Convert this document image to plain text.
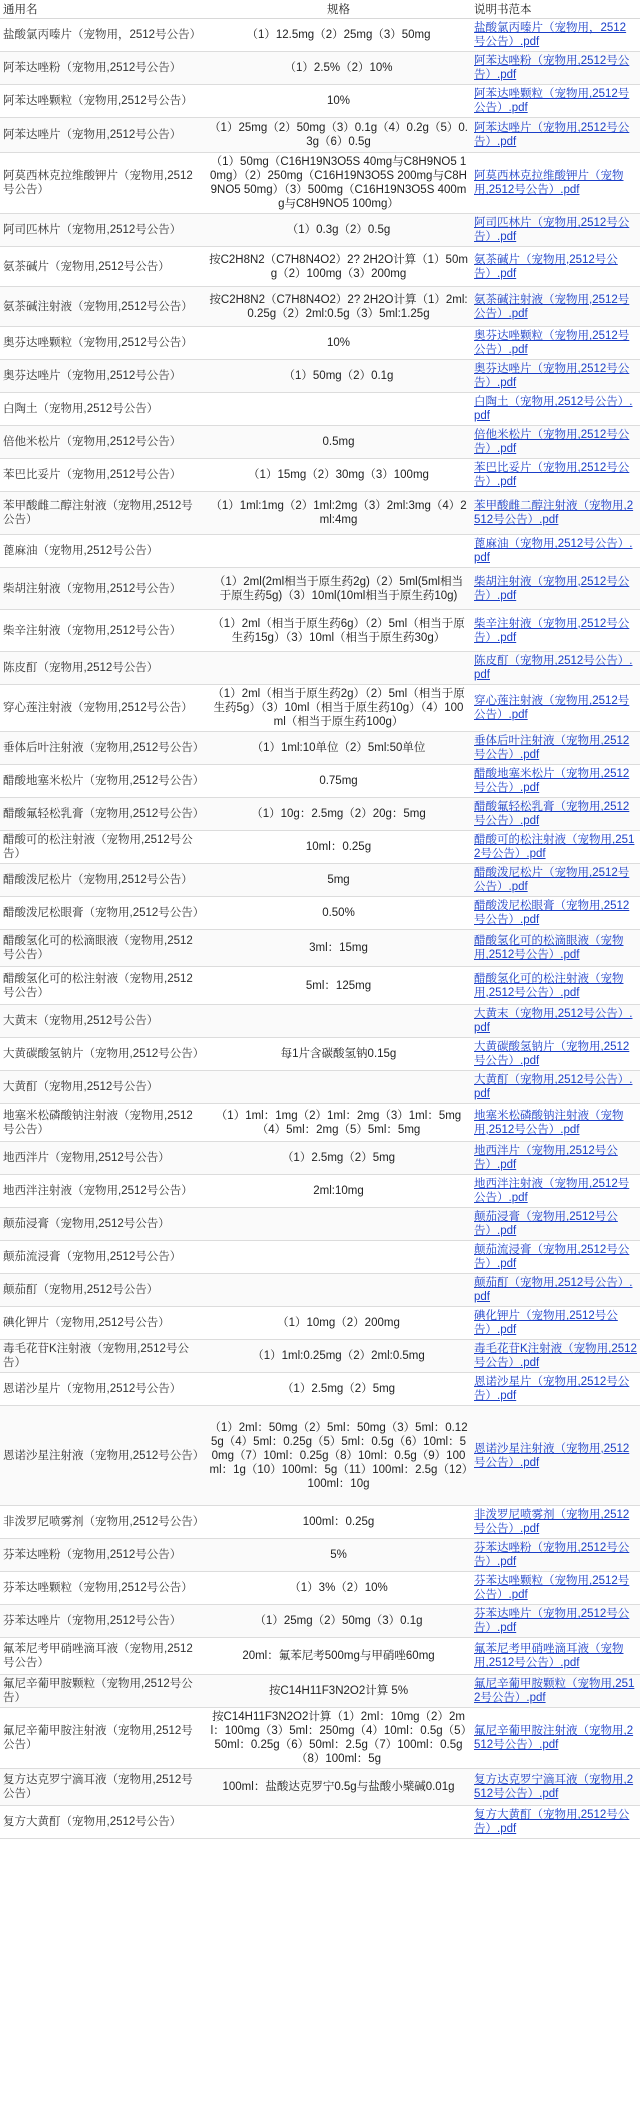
通用名	规格	说明书范本
盐酸氯丙嗪片（宠物用，2512号公告）	（1）12.5mg（2）25mg（3）50mg	盐酸氯丙嗪片（宠物用，2512号公告）.pdf
阿苯达唑粉（宠物用,2512号公告）	（1）2.5%（2）10%	阿苯达唑粉（宠物用,2512号公告）.pdf
阿苯达唑颗粒（宠物用,2512号公告）	10%	阿苯达唑颗粒（宠物用,2512号公告）.pdf
阿苯达唑片（宠物用,2512号公告）	（1）25mg（2）50mg（3）0.1g（4）0.2g（5）0.3g（6）0.5g	阿苯达唑片（宠物用,2512号公告）.pdf
阿莫西林克拉维酸钾片（宠物用,2512号公告）	（1）50mg（C16H19N3O5S 40mg与C8H9NO5 10mg）（2）250mg（C16H19N3O5S 200mg与C8H9NO5 50mg）（3）500mg（C16H19N3O5S 400mg与C8H9NO5 100mg）	阿莫西林克拉维酸钾片（宠物用,2512号公告）.pdf
阿司匹林片（宠物用,2512号公告）	（1）0.3g（2）0.5g	阿司匹林片（宠物用,2512号公告）.pdf
氨茶碱片（宠物用,2512号公告）	按C2H8N2（C7H8N4O2）2? 2H2O计算（1）50mg（2）100mg（3）200mg	氨茶碱片（宠物用,2512号公告）.pdf
氨茶碱注射液（宠物用,2512号公告）	按C2H8N2（C7H8N4O2）2? 2H2O计算（1）2ml:0.25g（2）2ml:0.5g（3）5ml:1.25g	氨茶碱注射液（宠物用,2512号公告）.pdf
奥芬达唑颗粒（宠物用,2512号公告）	10%	奥芬达唑颗粒（宠物用,2512号公告）.pdf
奥芬达唑片（宠物用,2512号公告）	（1）50mg（2）0.1g	奥芬达唑片（宠物用,2512号公告）.pdf
白陶土（宠物用,2512号公告）		白陶土（宠物用,2512号公告）.pdf
倍他米松片（宠物用,2512号公告）	0.5mg	倍他米松片（宠物用,2512号公告）.pdf
苯巴比妥片（宠物用,2512号公告）	（1）15mg（2）30mg（3）100mg	苯巴比妥片（宠物用,2512号公告）.pdf
苯甲酸雌二醇注射液（宠物用,2512号公告）	（1）1ml:1mg（2）1ml:2mg（3）2ml:3mg（4）2ml:4mg	苯甲酸雌二醇注射液（宠物用,2512号公告）.pdf
蓖麻油（宠物用,2512号公告）		蓖麻油（宠物用,2512号公告）.pdf
柴胡注射液（宠物用,2512号公告）	（1）2ml(2ml相当于原生药2g)（2）5ml(5ml相当于原生药5g)（3）10ml(10ml相当于原生药10g)	柴胡注射液（宠物用,2512号公告）.pdf
柴辛注射液（宠物用,2512号公告）	（1）2ml（相当于原生药6g）（2）5ml（相当于原生药15g）（3）10ml（相当于原生药30g）	柴辛注射液（宠物用,2512号公告）.pdf
陈皮酊（宠物用,2512号公告）		陈皮酊（宠物用,2512号公告）.pdf
穿心莲注射液（宠物用,2512号公告）	（1）2ml（相当于原生药2g）（2）5ml（相当于原生药5g）（3）10ml（相当于原生药10g）（4）100ml（相当于原生药100g）	穿心莲注射液（宠物用,2512号公告）.pdf
垂体后叶注射液（宠物用,2512号公告）	（1）1ml:10单位（2）5ml:50单位	垂体后叶注射液（宠物用,2512号公告）.pdf
醋酸地塞米松片（宠物用,2512号公告）	0.75mg	醋酸地塞米松片（宠物用,2512号公告）.pdf
醋酸氟轻松乳膏（宠物用,2512号公告）	（1）10g：2.5mg（2）20g：5mg	醋酸氟轻松乳膏（宠物用,2512号公告）.pdf
醋酸可的松注射液（宠物用,2512号公告）	10ml：0.25g	醋酸可的松注射液（宠物用,2512号公告）.pdf
醋酸泼尼松片（宠物用,2512号公告）	5mg	醋酸泼尼松片（宠物用,2512号公告）.pdf
醋酸泼尼松眼膏（宠物用,2512号公告）	0.50%	醋酸泼尼松眼膏（宠物用,2512号公告）.pdf
醋酸氢化可的松滴眼液（宠物用,2512号公告）	3ml：15mg	醋酸氢化可的松滴眼液（宠物用,2512号公告）.pdf
醋酸氢化可的松注射液（宠物用,2512号公告）	5ml：125mg	醋酸氢化可的松注射液（宠物用,2512号公告）.pdf
大黄末（宠物用,2512号公告）		大黄末（宠物用,2512号公告）.pdf
大黄碳酸氢钠片（宠物用,2512号公告）	每1片含碳酸氢钠0.15g	大黄碳酸氢钠片（宠物用,2512号公告）.pdf
大黄酊（宠物用,2512号公告）		大黄酊（宠物用,2512号公告）.pdf
地塞米松磷酸钠注射液（宠物用,2512号公告）	（1）1ml：1mg（2）1ml：2mg（3）1ml：5mg（4）5ml：2mg（5）5ml：5mg	地塞米松磷酸钠注射液（宠物用,2512号公告）.pdf
地西泮片（宠物用,2512号公告）	（1）2.5mg（2）5mg	地西泮片（宠物用,2512号公告）.pdf
地西泮注射液（宠物用,2512号公告）	2ml:10mg	地西泮注射液（宠物用,2512号公告）.pdf
颠茄浸膏（宠物用,2512号公告）		颠茄浸膏（宠物用,2512号公告）.pdf
颠茄流浸膏（宠物用,2512号公告）		颠茄流浸膏（宠物用,2512号公告）.pdf
颠茄酊（宠物用,2512号公告）		颠茄酊（宠物用,2512号公告）.pdf
碘化钾片（宠物用,2512号公告）	（1）10mg（2）200mg	碘化钾片（宠物用,2512号公告）.pdf
毒毛花苷K注射液（宠物用,2512号公告）	（1）1ml:0.25mg（2）2ml:0.5mg	毒毛花苷K注射液（宠物用,2512号公告）.pdf
恩诺沙星片（宠物用,2512号公告）	（1）2.5mg（2）5mg	恩诺沙星片（宠物用,2512号公告）.pdf
恩诺沙星注射液（宠物用,2512号公告）	（1）2ml：50mg（2）5ml：50mg（3）5ml：0.125g（4）5ml：0.25g（5）5ml：0.5g（6）10ml：50mg（7）10ml：0.25g（8）10ml：0.5g（9）100ml：1g（10）100ml：5g（11）100ml：2.5g（12）100ml：10g	恩诺沙星注射液（宠物用,2512号公告）.pdf
非泼罗尼喷雾剂（宠物用,2512号公告）	100ml：0.25g	非泼罗尼喷雾剂（宠物用,2512号公告）.pdf
芬苯达唑粉（宠物用,2512号公告）	5%	芬苯达唑粉（宠物用,2512号公告）.pdf
芬苯达唑颗粒（宠物用,2512号公告）	（1）3%（2）10%	芬苯达唑颗粒（宠物用,2512号公告）.pdf
芬苯达唑片（宠物用,2512号公告）	（1）25mg（2）50mg（3）0.1g	芬苯达唑片（宠物用,2512号公告）.pdf
氟苯尼考甲硝唑滴耳液（宠物用,2512号公告）	20ml：氟苯尼考500mg与甲硝唑60mg	氟苯尼考甲硝唑滴耳液（宠物用,2512号公告）.pdf
氟尼辛葡甲胺颗粒（宠物用,2512号公告）	按C14H11F3N2O2计算 5%	氟尼辛葡甲胺颗粒（宠物用,2512号公告）.pdf
氟尼辛葡甲胺注射液（宠物用,2512号公告）	按C14H11F3N2O2计算（1）2ml：10mg（2）2ml：100mg（3）5ml：250mg（4）10ml：0.5g（5）50ml：0.25g（6）50ml：2.5g（7）100ml：0.5g（8）100ml：5g	氟尼辛葡甲胺注射液（宠物用,2512号公告）.pdf
复方达克罗宁滴耳液（宠物用,2512号公告）	100ml：盐酸达克罗宁0.5g与盐酸小檗碱0.01g	复方达克罗宁滴耳液（宠物用,2512号公告）.pdf
复方大黄酊（宠物用,2512号公告）		复方大黄酊（宠物用,2512号公告）.pdf
